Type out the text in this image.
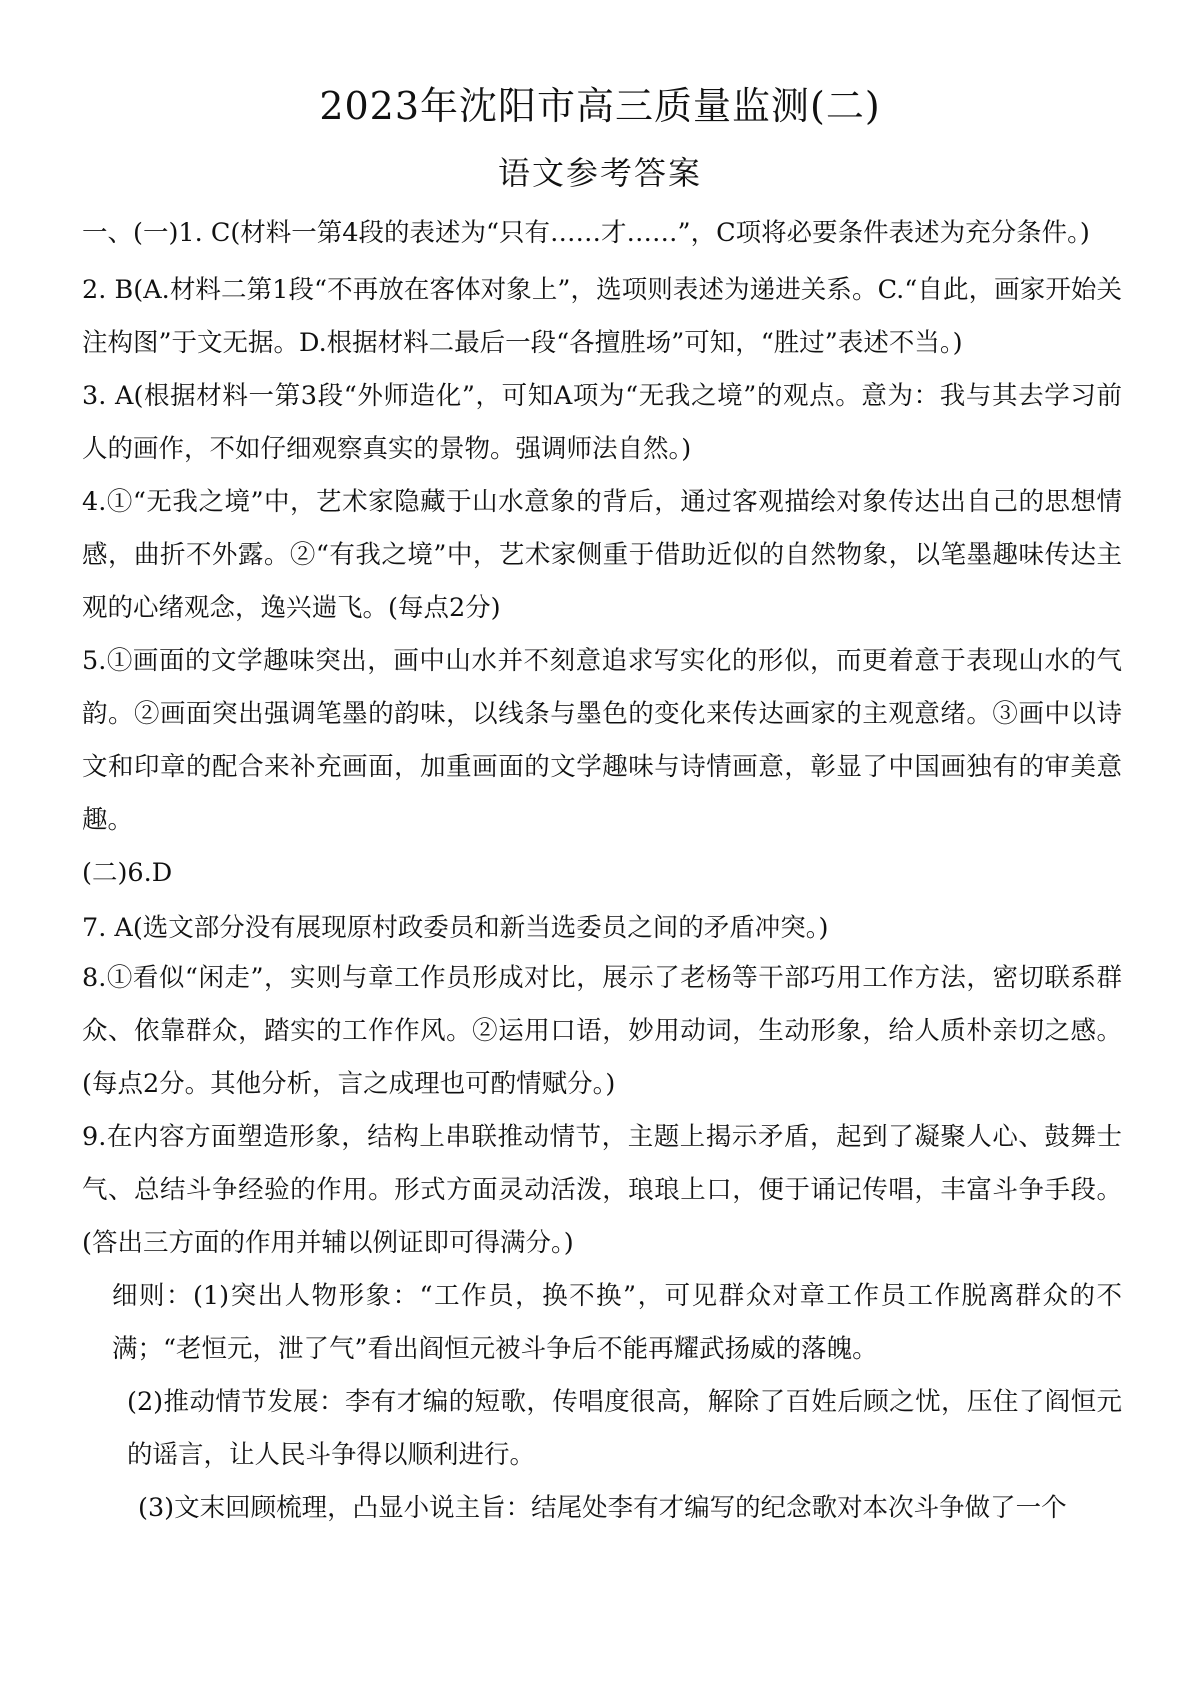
2023年沈阳市高三质量监测(二)
语文参考答案

一、(一)1. C(材料一第4段的表述为“只有……才……”，C项将必要条件表述为充分条件。)

2. B(A.材料二第1段“不再放在客体对象上”，选项则表述为递进关系。C.“自此，画家开始关注构图”于文无据。D.根据材料二最后一段“各擅胜场”可知，“胜过”表述不当。)

3. A(根据材料一第3段“外师造化”，可知A项为“无我之境”的观点。意为：我与其去学习前人的画作，不如仔细观察真实的景物。强调师法自然。)

4.①“无我之境”中，艺术家隐藏于山水意象的背后，通过客观描绘对象传达出自己的思想情感，曲折不外露。②“有我之境”中，艺术家侧重于借助近似的自然物象，以笔墨趣味传达主观的心绪观念，逸兴遄飞。(每点2分)

5.①画面的文学趣味突出，画中山水并不刻意追求写实化的形似，而更着意于表现山水的气韵。②画面突出强调笔墨的韵味，以线条与墨色的变化来传达画家的主观意绪。③画中以诗文和印章的配合来补充画面，加重画面的文学趣味与诗情画意，彰显了中国画独有的审美意趣。

(二)6.D

7. A(选文部分没有展现原村政委员和新当选委员之间的矛盾冲突。)

8.①看似“闲走”，实则与章工作员形成对比，展示了老杨等干部巧用工作方法，密切联系群众、依靠群众，踏实的工作作风。②运用口语，妙用动词，生动形象，给人质朴亲切之感。(每点2分。其他分析，言之成理也可酌情赋分。)

9.在内容方面塑造形象，结构上串联推动情节，主题上揭示矛盾，起到了凝聚人心、鼓舞士气、总结斗争经验的作用。形式方面灵动活泼，琅琅上口，便于诵记传唱，丰富斗争手段。(答出三方面的作用并辅以例证即可得满分。)

细则：(1)突出人物形象：“工作员，换不换”，可见群众对章工作员工作脱离群众的不满；“老恒元，泄了气”看出阎恒元被斗争后不能再耀武扬威的落魄。

(2)推动情节发展：李有才编的短歌，传唱度很高，解除了百姓后顾之忧，压住了阎恒元的谣言，让人民斗争得以顺利进行。

(3)文末回顾梳理，凸显小说主旨：结尾处李有才编写的纪念歌对本次斗争做了一个
